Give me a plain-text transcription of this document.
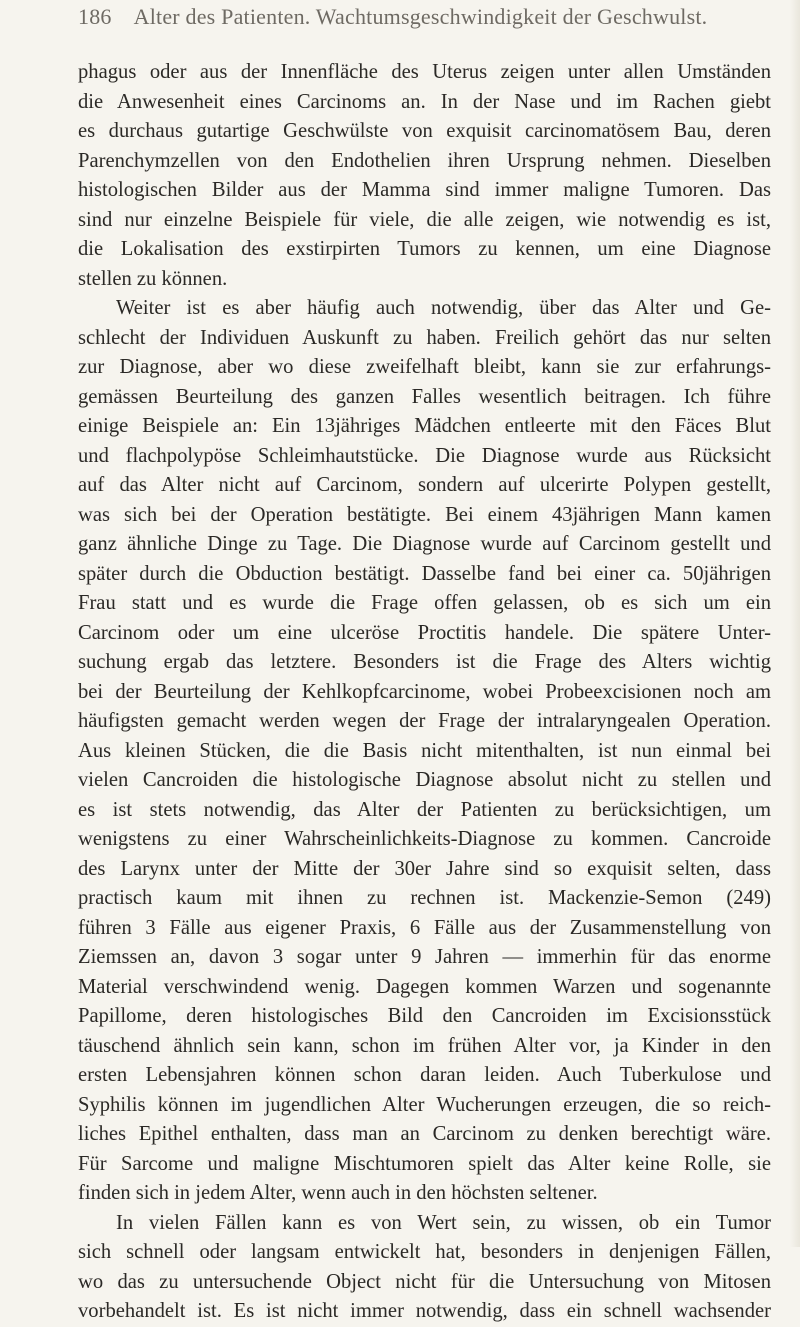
186 Alter des Patienten. Wachtumsgeschwindigkeit der Geschwulst.
phagus oder aus der Innenfläche des Uterus zeigen unter allen Umständen
die Anwesenheit eines Carcinoms an. In der Nase und im Rachen giebt
es durchaus gutartige Geschwülste von exquisit carcinomatösem Bau, deren
Parenchymzellen von den Endothelien ihren Ursprung nehmen. Dieselben
histologischen Bilder aus der Mamma sind immer maligne Tumoren. Das
sind nur einzelne Beispiele für viele, die alle zeigen, wie notwendig es ist,
die Lokalisation des exstirpirten Tumors zu kennen, um eine Diagnose
stellen zu können.
Weiter ist es aber häufig auch notwendig, über das Alter und Ge-
schlecht der Individuen Auskunft zu haben. Freilich gehört das nur selten
zur Diagnose, aber wo diese zweifelhaft bleibt, kann sie zur erfahrungs-
gemässen Beurteilung des ganzen Falles wesentlich beitragen. Ich führe
einige Beispiele an: Ein 13jähriges Mädchen entleerte mit den Fäces Blut
und flachpolypöse Schleimhautstücke. Die Diagnose wurde aus Rücksicht
auf das Alter nicht auf Carcinom, sondern auf ulcerirte Polypen gestellt,
was sich bei der Operation bestätigte. Bei einem 43jährigen Mann kamen
ganz ähnliche Dinge zu Tage. Die Diagnose wurde auf Carcinom gestellt und
später durch die Obduction bestätigt. Dasselbe fand bei einer ca. 50jährigen
Frau statt und es wurde die Frage offen gelassen, ob es sich um ein
Carcinom oder um eine ulceröse Proctitis handele. Die spätere Unter-
suchung ergab das letztere. Besonders ist die Frage des Alters wichtig
bei der Beurteilung der Kehlkopfcarcinome, wobei Probeexcisionen noch am
häufigsten gemacht werden wegen der Frage der intralaryngealen Operation.
Aus kleinen Stücken, die die Basis nicht mitenthalten, ist nun einmal bei
vielen Cancroiden die histologische Diagnose absolut nicht zu stellen und
es ist stets notwendig, das Alter der Patienten zu berücksichtigen, um
wenigstens zu einer Wahrscheinlichkeits-Diagnose zu kommen. Cancroide
des Larynx unter der Mitte der 30er Jahre sind so exquisit selten, dass
practisch kaum mit ihnen zu rechnen ist. Mackenzie-Semon (249)
führen 3 Fälle aus eigener Praxis, 6 Fälle aus der Zusammenstellung von
Ziemssen an, davon 3 sogar unter 9 Jahren — immerhin für das enorme
Material verschwindend wenig. Dagegen kommen Warzen und sogenannte
Papillome, deren histologisches Bild den Cancroiden im Excisionsstück
täuschend ähnlich sein kann, schon im frühen Alter vor, ja Kinder in den
ersten Lebensjahren können schon daran leiden. Auch Tuberkulose und
Syphilis können im jugendlichen Alter Wucherungen erzeugen, die so reich-
liches Epithel enthalten, dass man an Carcinom zu denken berechtigt wäre.
Für Sarcome und maligne Mischtumoren spielt das Alter keine Rolle, sie
finden sich in jedem Alter, wenn auch in den höchsten seltener.
In vielen Fällen kann es von Wert sein, zu wissen, ob ein Tumor
sich schnell oder langsam entwickelt hat, besonders in denjenigen Fällen,
wo das zu untersuchende Object nicht für die Untersuchung von Mitosen
vorbehandelt ist. Es ist nicht immer notwendig, dass ein schnell wachsender
